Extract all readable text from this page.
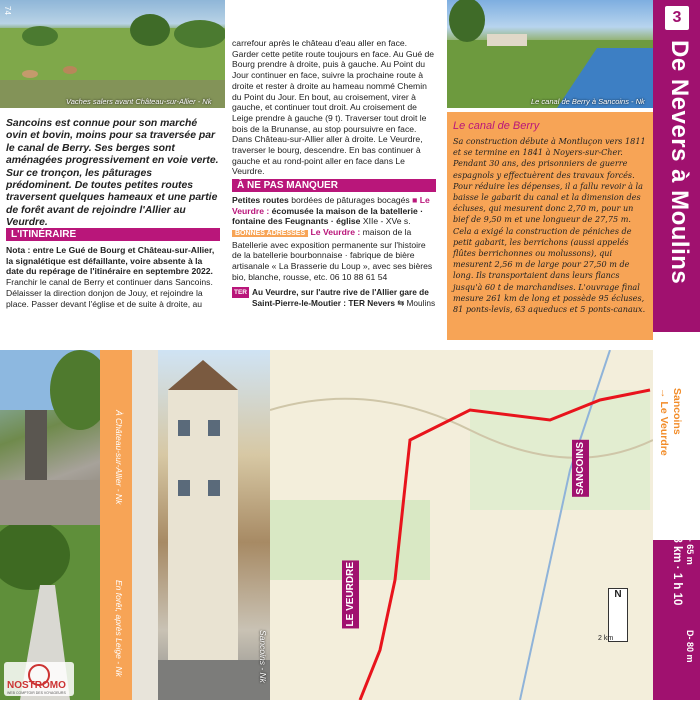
74
Vaches salers avant Château-sur-Allier - Nk	Le canal de Berry à Sancoins - Nk
Sancoins est connue pour son marché ovin et bovin, moins pour sa traversée par le canal de Berry. Ses berges sont aménagées progressivement en voie verte. Sur ce tronçon, les pâturages prédominent. De toutes petites routes traversent quelques hameaux et une partie de forêt avant de rejoindre l'Allier au Veurdre.
L'ITINÉRAIRE
Nota : entre Le Gué de Bourg et Château-sur-Allier, la signalétique est défaillante, voire absente à la date du repérage de l'itinéraire en septembre 2022.
Franchir le canal de Berry et continuer dans Sancoins. Délaisser la direction donjon de Jouy, et rejoindre la place. Passer devant l'église et de suite à droite, au
carrefour après le château d'eau aller en face. Garder cette petite route toujours en face. Au Gué de Bourg prendre à droite, puis à gauche. Au Point du Jour continuer en face, suivre la prochaine route à droite et rester à droite au hameau nommé Chemin du Point du Jour. En bout, au croisement, virer à gauche, et continuer tout droit. Au croisement de Leige prendre à gauche (9 t). Traverser tout droit le bois de la Brunanse, au stop poursuivre en face. Dans Château-sur-Allier aller à droite. Le Veurdre, traverser le bourg, descendre. En bas continuer à gauche et au rond-point aller en face dans Le Veurdre.
À NE PAS MANQUER
Petites routes bordées de pâturages bocagés ■ Le Veurdre : écomusée la maison de la batellerie · fontaine des Feugnants · église XIIe - XVe s.
BONNES ADRESSES Le Veurdre : maison de la Batellerie avec exposition permanente sur l'histoire de la batellerie bourbonnaise · fabrique de bière artisanale « La Brasserie du Loup », avec ses bières bio, blanche, rousse, etc. 06 10 88 61 54
TER Au Veurdre, sur l'autre rive de l'Allier gare de Saint-Pierre-le-Moutier : TER Nevers ⇆ Moulins
Le canal de Berry
Sa construction débute à Montluçon vers 1811 et se termine en 1841 à Noyers-sur-Cher. Pendant 30 ans, des prisonniers de guerre espagnols y effectuèrent des travaux forcés. Pour réduire les dépenses, il a fallu revoir à la baisse le gabarit du canal et la dimension des écluses, qui mesurent donc 2,70 m, pour un bief de 9,50 m et une longueur de 27,75 m. Cela a exigé la construction de péniches de petit gabarit, les berrichons (aussi appelés flûtes berrichonnes ou molussons), qui mesurent 2,56 m de large pour 27,50 m de long. Ils transportaient dans leurs flancs jusqu'à 60 t de marchandises. L'ouvrage final mesure 261 km de long et possède 95 écluses, 81 ponts-levis, 63 aqueducs et 5 ponts-canaux.
3
De Nevers à Moulins
Sancoins
→ Le Veurdre
D+ 65 m
18 km · 1 h 10
D- 80 m
À Château-sur-Allier - Nk
En forêt, après Leige - Nk	Sancoins - Nk
SANCOINS
LE VEURDRE	N
2 km
NOSTROMO
WEB COMPTOIR DES VOYAGEURS
